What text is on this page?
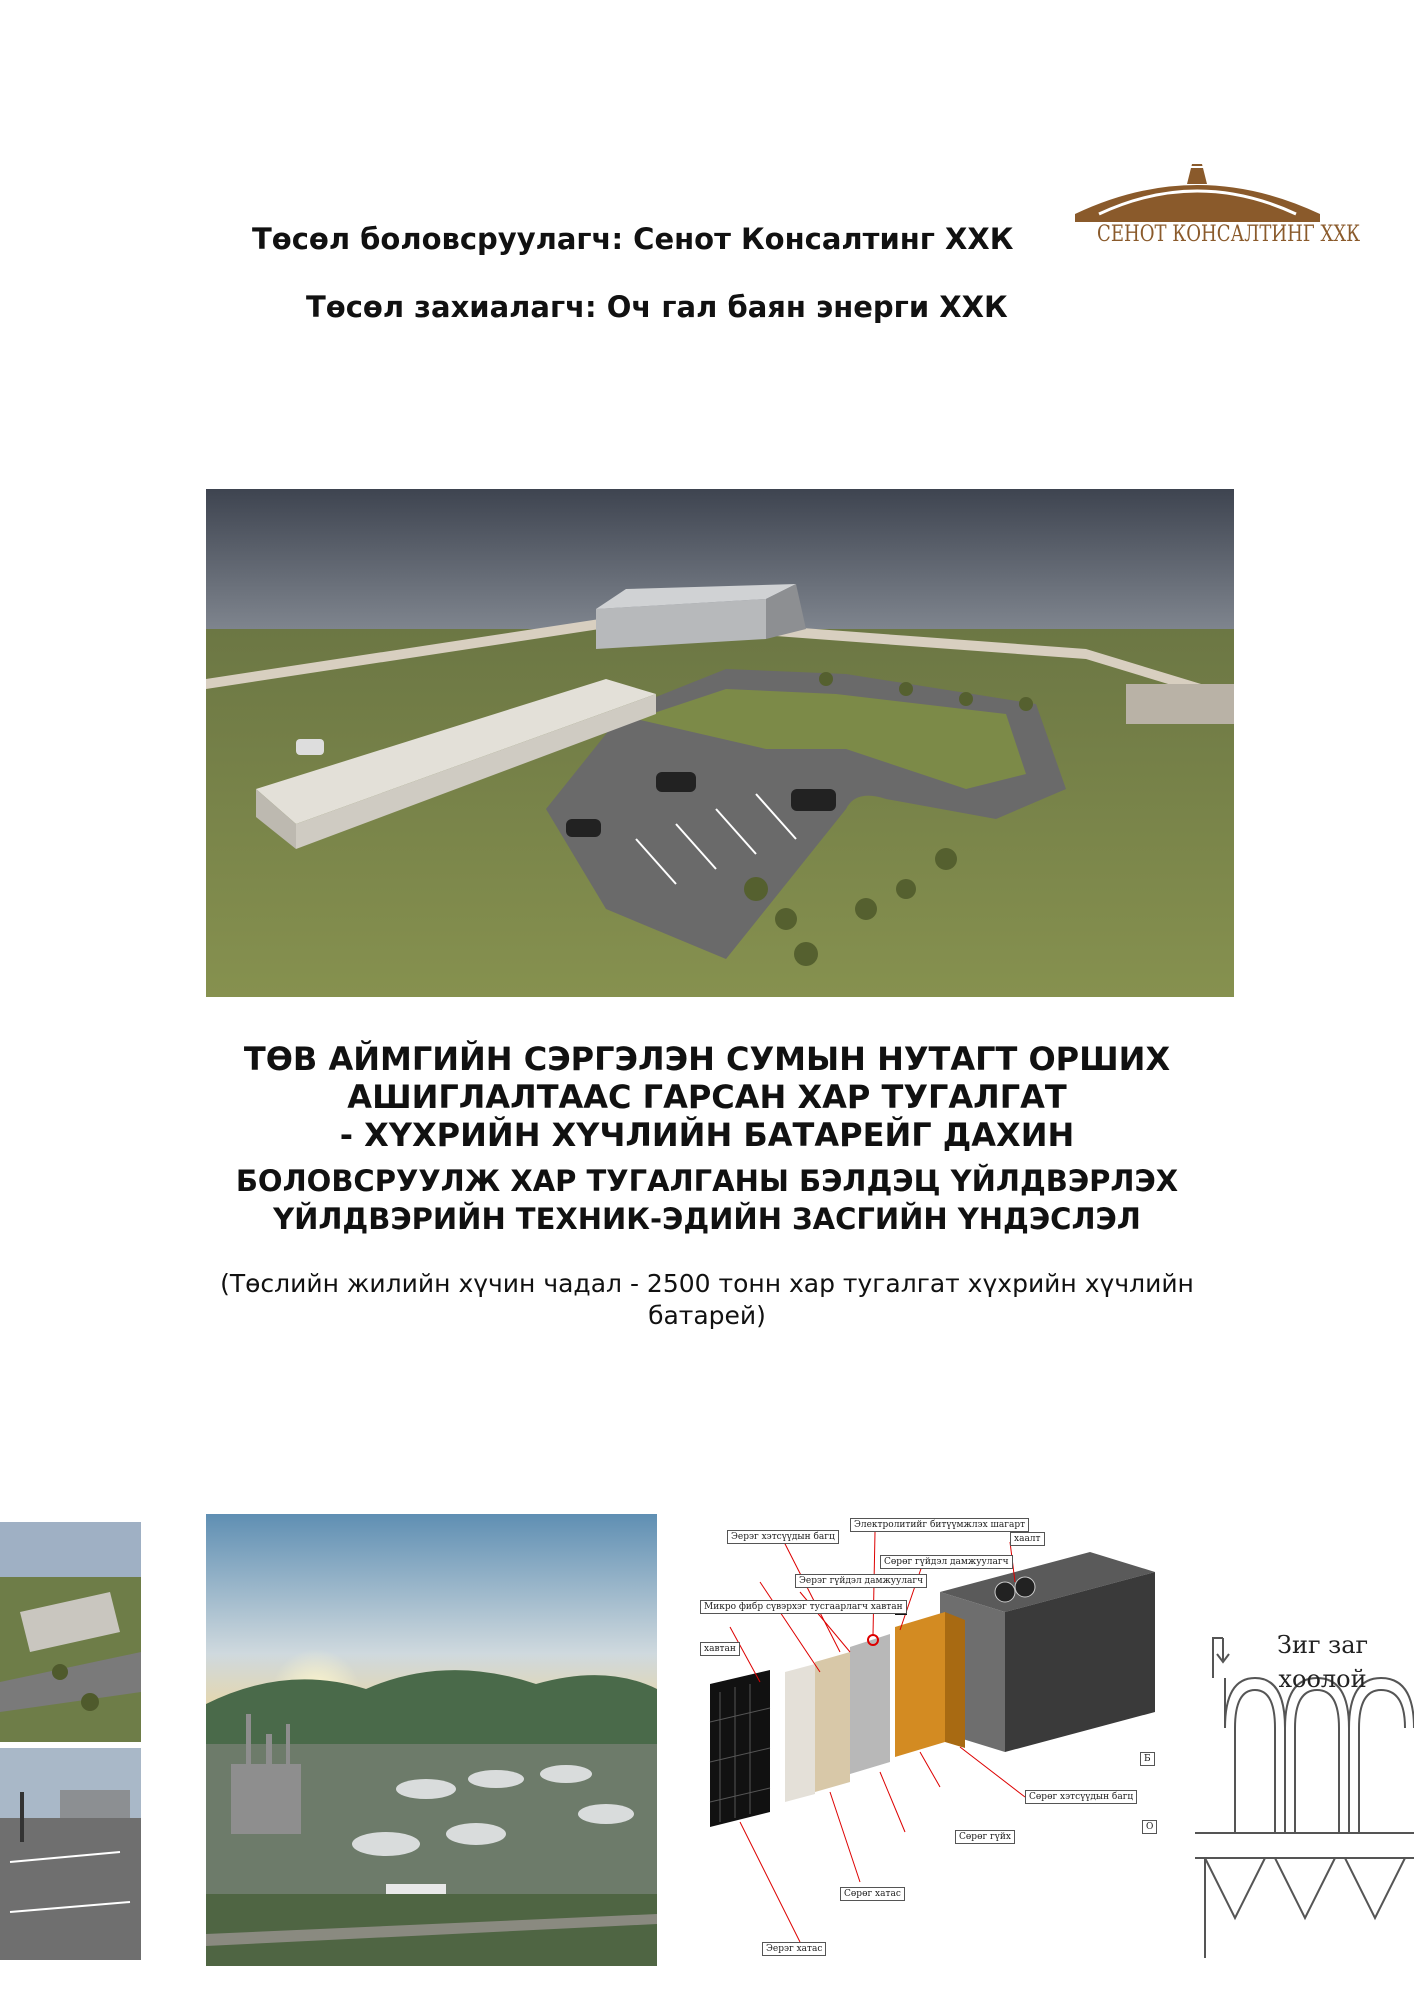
Төсөл боловсруулагч: Сенот Консалтинг ХХК
Төсөл захиалагч: Оч гал баян энерги ХХК
СЕНОТ КОНСАЛТИНГ ХХК
ТӨВ АЙМГИЙН СЭРГЭЛЭН СУМЫН НУТАГТ ОРШИХ
АШИГЛАЛТААС ГАРСАН ХАР ТУГАЛГАТ
- ХҮХРИЙН ХҮЧЛИЙН БАТАРЕЙГ ДАХИН
БОЛОВСРУУЛЖ ХАР ТУГАЛГАНЫ БЭЛДЭЦ ҮЙЛДВЭРЛЭХ
ҮЙЛДВЭРИЙН ТЕХНИК-ЭДИЙН ЗАСГИЙН ҮНДЭСЛЭЛ
(Төслийн жилийн хүчин чадал - 2500 тонн хар тугалгат хүхрийн хүчлийн
батарей)
Эерэг хэтсүүдын багц
Электролитийг битүүмжлэх шагарт
хаалт
Эерэг гүйдэл дамжуулагч
Сөрөг гүйдэл дамжуулагч
Микро фибр сүвэрхэг тусгаарлагч хавтан
хавтан
Сөрөг хэтсүүдын багц
Сөрөг гүйх
Сөрөг хатас
Эерэг хатас
Б
О
Зиг заг
хоолой
